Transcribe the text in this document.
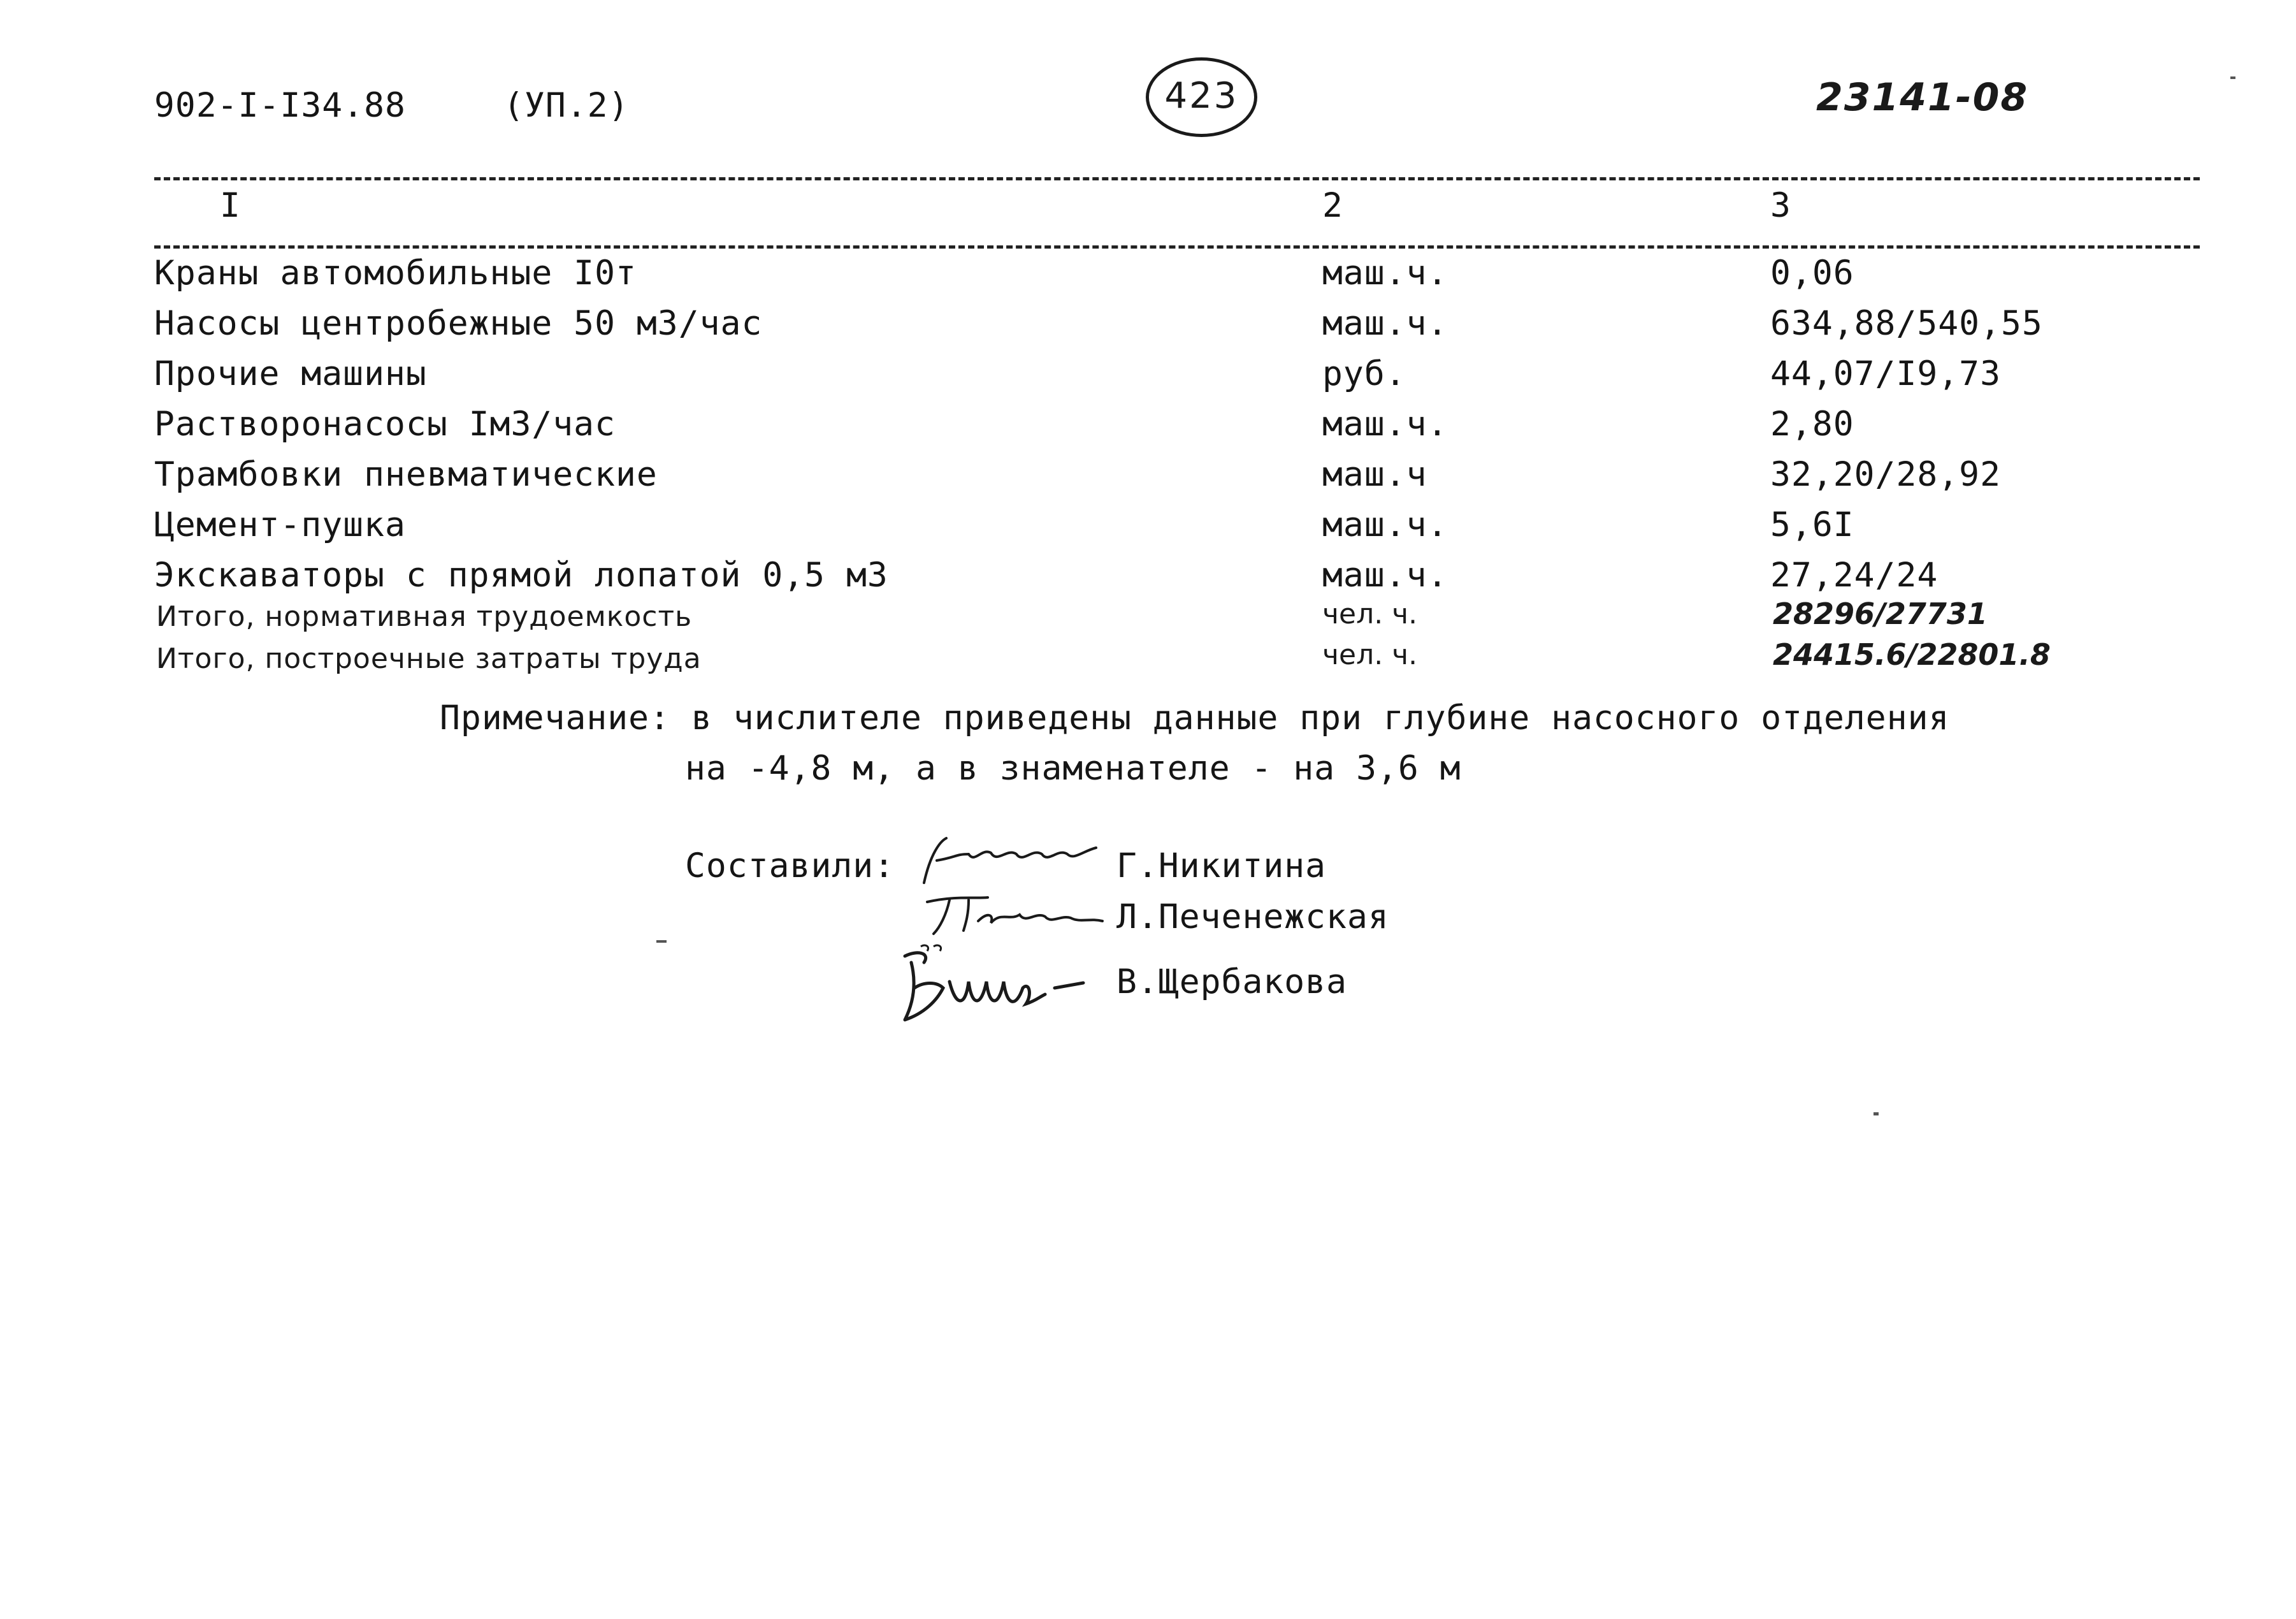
902-I-I34.88	(УП.2)	423	23141-08
I	2	3
Краны автомобильные I0т	маш.ч.	0,06
Насосы центробежные 50 м3/час	маш.ч.	634,88/540,55
Прочие машины	руб.	44,07/I9,73
Растворонасосы Iм3/час	маш.ч.	2,80
Трамбовки пневматические	маш.ч	32,20/28,92
Цемент-пушка	маш.ч.	5,6I
Экскаваторы с прямой лопатой 0,5 м3	маш.ч.	27,24/24
Итого, нормативная трудоемкость	чел. ч.	28296/27731
Итого, построечные затраты труда	чел. ч.	24415.6/22801.8
Примечание: в числителе приведены данные при глубине насосного отделения
на -4,8 м, а в знаменателе - на 3,6 м
Составили:	Г.Никитина
Л.Печенежская
В.Щербакова
